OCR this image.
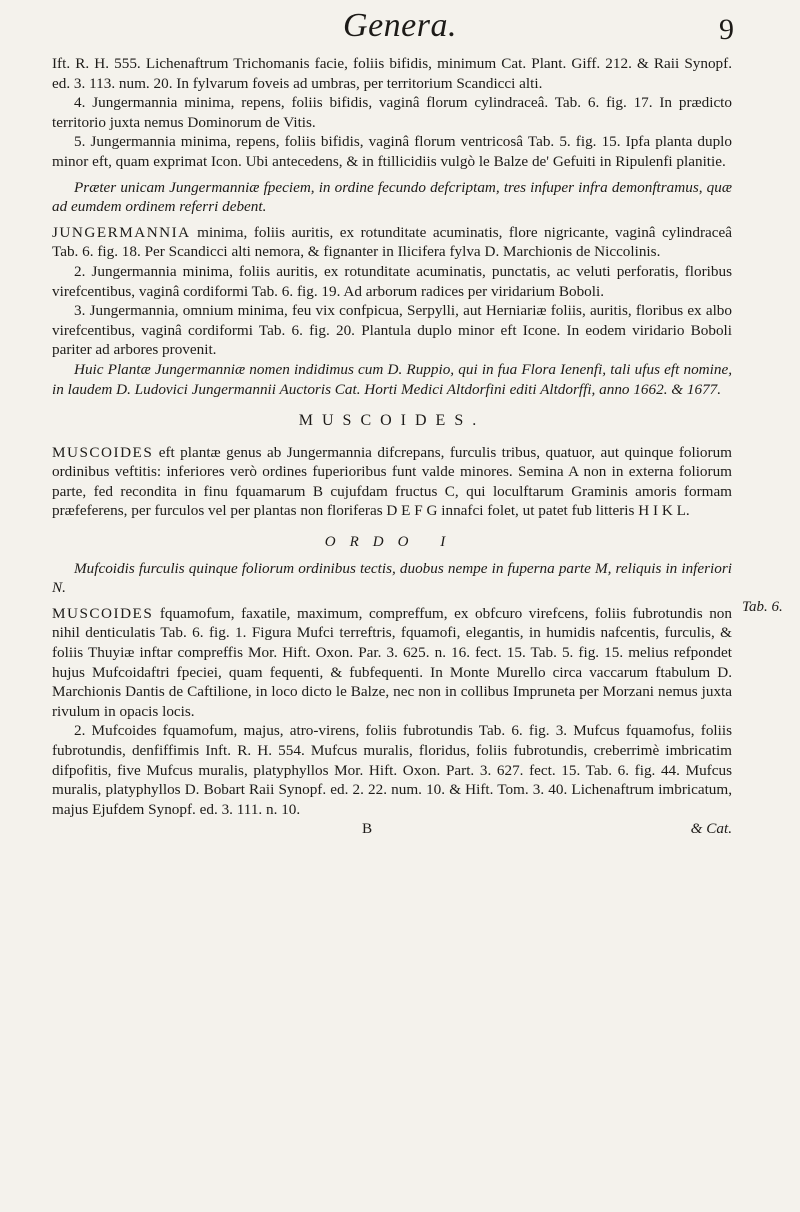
Genera.	9

Ift. R. H. 555. Lichenaftrum Trichomanis facie, foliis bifidis, minimum Cat. Plant. Giff. 212. & Raii Synopf. ed. 3. 113. num. 20. In fylvarum foveis ad umbras, per territorium Scandicci alti.

4. Jungermannia minima, repens, foliis bifidis, vaginâ florum cylindraceâ. Tab. 6. fig. 17. In prædicto territorio juxta nemus Dominorum de Vitis.

5. Jungermannia minima, repens, foliis bifidis, vaginâ florum ventricosâ Tab. 5. fig. 15. Ipfa planta duplo minor eft, quam exprimat Icon. Ubi antecedens, & in ftillicidiis vulgò le Balze de' Gefuiti in Ripulenfi planitie.

Præter unicam Jungermanniæ fpeciem, in ordine fecundo defcriptam, tres infuper infra demonftramus, quæ ad eumdem ordinem referri debent.

JUNGERMANNIA minima, foliis auritis, ex rotunditate acuminatis, flore nigricante, vaginâ cylindraceâ Tab. 6. fig. 18. Per Scandicci alti nemora, & fignanter in Ilicifera fylva D. Marchionis de Niccolinis.

2. Jungermannia minima, foliis auritis, ex rotunditate acuminatis, punctatis, ac veluti perforatis, floribus virefcentibus, vaginâ cordiformi Tab. 6. fig. 19. Ad arborum radices per viridarium Boboli.

3. Jungermannia, omnium minima, feu vix confpicua, Serpylli, aut Herniariæ foliis, auritis, floribus ex albo virefcentibus, vaginâ cordiformi Tab. 6. fig. 20. Plantula duplo minor eft Icone. In eodem viridario Boboli pariter ad arbores provenit.

Huic Plantæ Jungermanniæ nomen indidimus cum D. Ruppio, qui in fua Flora Ienenfi, tali ufus eft nomine, in laudem D. Ludovici Jungermannii Auctoris Cat. Horti Medici Altdorfini editi Altdorffi, anno 1662. & 1677.

MUSCOIDES.

MUSCOIDES eft plantæ genus ab Jungermannia difcrepans, furculis tribus, quatuor, aut quinque foliorum ordinibus veftitis: inferiores verò ordines fuperioribus funt valde minores. Semina A non in externa foliorum parte, fed recondita in finu fquamarum B cujufdam fructus C, qui loculftarum Graminis amoris formam præfeferens, per furculos vel per plantas non floriferas D E F G innafci folet, ut patet fub litteris H I K L.

ORDO I

Mufcoidis furculis quinque foliorum ordinibus tectis, duobus nempe in fuperna parte M, reliquis in inferiori N.

MUSCOIDES fquamofum, faxatile, maximum, compreffum, ex obfcuro virefcens, foliis fubrotundis non nihil denticulatis Tab. 6. fig. 1. Figura Mufci terreftris, fquamofi, elegantis, in humidis nafcentis, furculis, & foliis Thuyiæ inftar compreffis Mor. Hift. Oxon. Par. 3. 625. n. 16. fect. 15. Tab. 5. fig. 15. melius refpondet hujus Mufcoidaftri fpeciei, quam fequenti, & fubfequenti. In Monte Murello circa vaccarum ftabulum D. Marchionis Dantis de Caftilione, in loco dicto le Balze, nec non in collibus Impruneta per Morzani nemus juxta rivulum in opacis locis.

2. Mufcoides fquamofum, majus, atro-virens, foliis fubrotundis Tab. 6. fig. 3. Mufcus fquamofus, foliis fubrotundis, denfiffimis Inft. R. H. 554. Mufcus muralis, floridus, foliis fubrotundis, creberrimè imbricatim difpofitis, five Mufcus muralis, platyphyllos Mor. Hift. Oxon. Part. 3. 627. fect. 15. Tab. 6. fig. 44. Mufcus muralis, platyphyllos D. Bobart Raii Synopf. ed. 2. 22. num. 10. & Hift. Tom. 3. 40. Lichenaftrum imbricatum, majus Ejufdem Synopf. ed. 3. 111. n. 10.

B	& Cat.

Tab. 6.
